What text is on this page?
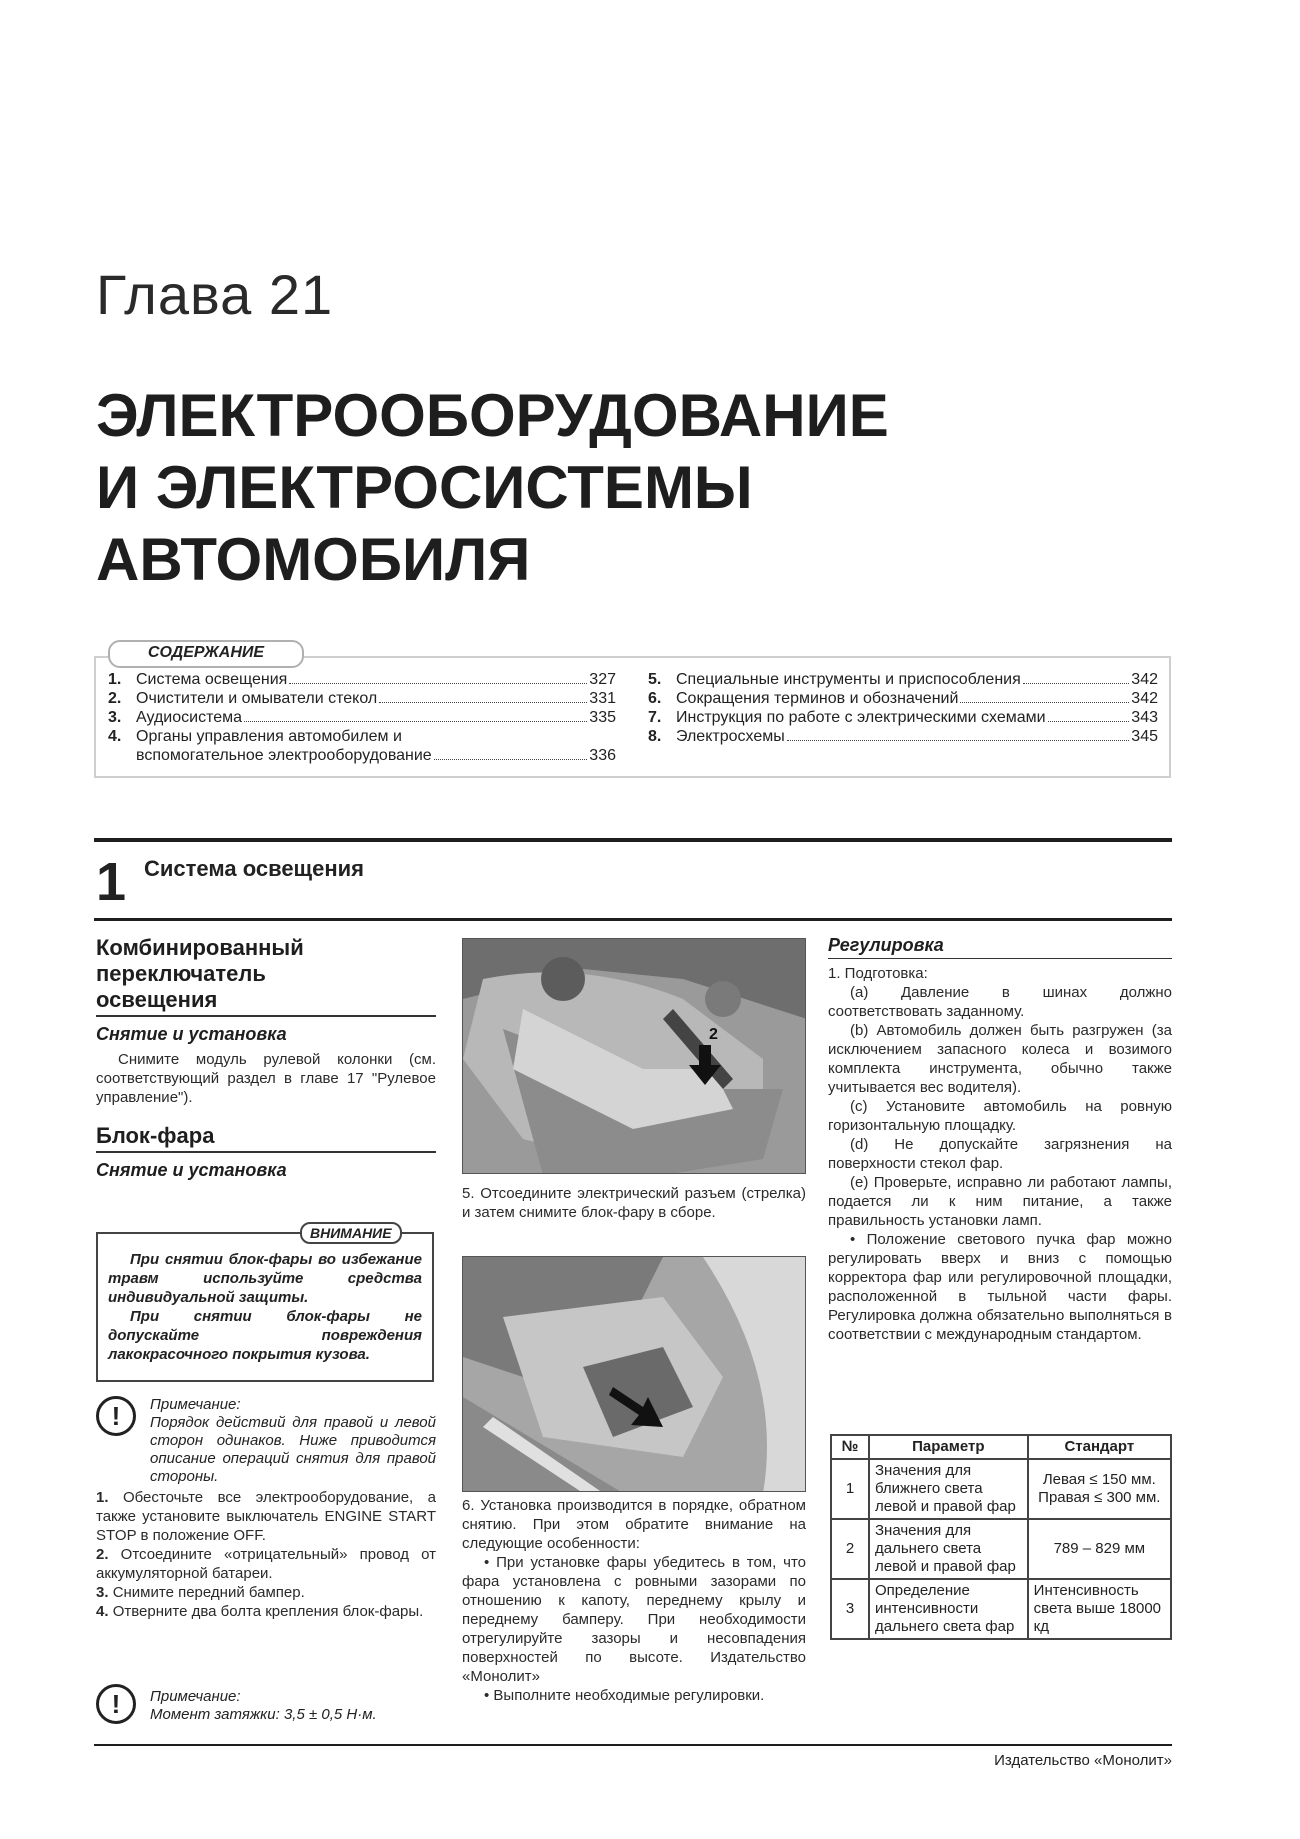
Глава 21
ЭЛЕКТРООБОРУДОВАНИЕ
И ЭЛЕКТРОСИСТЕМЫ
АВТОМОБИЛЯ
СОДЕРЖАНИЕ
1. Система освещения	327
2. Очистители и омыватели стекол	331
3. Аудиосистема	335
4. Органы управления автомобилем и
вспомогательное электрооборудование	336
5. Специальные инструменты и приспособления	342
6. Сокращения терминов и обозначений	342
7. Инструкция по работе с электрическими схемами	343
8. Электросхемы	345
1 Система освещения
Комбинированный
переключатель
освещения
Снятие и установка

Снимите модуль рулевой колонки (см. соответствующий раздел в главе 17 "Рулевое управление").

Блок-фара
Снятие и установка

При снятии блок-фары во избежание травм используйте средства индивидуальной защиты.

При снятии блок-фары не допускайте повреждения лакокрасочного покрытия кузова.

ВНИМАНИЕ
!	Примечание:

Порядок действий для правой и левой сторон одинаков. Ниже приводится описание операций снятия для правой стороны.

1. Обесточьте все электрооборудование, а также установите выключатель ENGINE START STOP в положение OFF.

2. Отсоедините «отрицательный» провод от аккумуляторной батареи.

3. Снимите передний бампер.

4. Отверните два болта крепления блок-фары.

!	Примечание:
Момент затяжки: 3,5 ± 0,5 Н·м.
2

5. Отсоедините электрический разъем (стрелка) и затем снимите блок-фару в сборе.

6. Установка производится в порядке, обратном снятию. При этом обратите внимание на следующие особенности:

• При установке фары убедитесь в том, что фара установлена с ровными зазорами по отношению к капоту, переднему крылу и переднему бамперу. При необходимости отрегулируйте зазоры и несовпадения поверхностей по высоте. Издательство «Монолит»

• Выполните необходимые регулировки.

Регулировка

1. Подготовка:

(a) Давление в шинах должно соответствовать заданному.

(b) Автомобиль должен быть разгружен (за исключением запасного колеса и возимого комплекта инструмента, обычно также учитывается вес водителя).

(c) Установите автомобиль на ровную горизонтальную площадку.

(d) Не допускайте загрязнения на поверхности стекол фар.

(e) Проверьте, исправно ли работают лампы, подается ли к ним питание, а также правильность установки ламп.

• Положение светового пучка фар можно регулировать вверх и вниз с помощью корректора фар или регулировочной площадки, расположенной в тыльной части фары. Регулировка должна обязательно выполняться в соответствии с международным стандартом.

№	Параметр	Стандарт
1	Значения для ближнего света левой и правой фар	Левая ≤ 150 мм. Правая ≤ 300 мм.
2	Значения для дальнего света левой и правой фар	789 – 829 мм
3	Определение интенсивности дальнего света фар	Интенсивность света выше 18000 кд
Издательство «Монолит»
